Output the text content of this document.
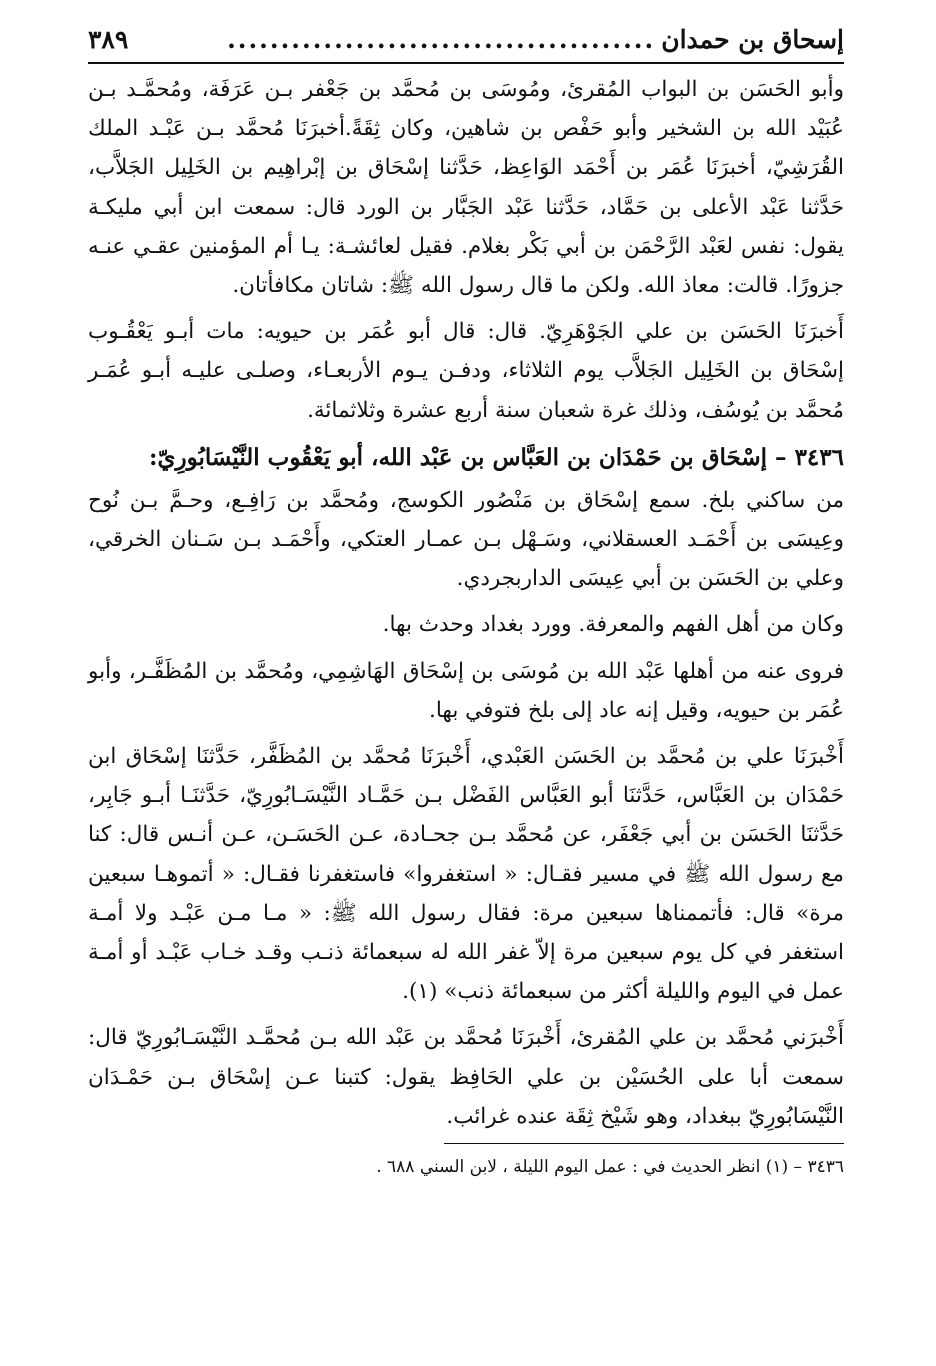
إسحاق بن حمدان
........................................
٣٨٩

وأبو الحَسَن بن البواب المُقرئ، ومُوسَى بن مُحمَّد بن جَعْفر بـن عَرَفَة، ومُحمَّـد بـن عُبَيْد الله بن الشخير وأبو حَفْص بن شاهين، وكان ثِقَةً.أخبرَنَا مُحمَّد بـن عَبْـد الملك القُرَشِيّ، أخبرَنَا عُمَر بن أَحْمَد الوَاعِظ، حَدَّثنا إسْحَاق بن إبْراهِيم بن الخَلِيل الجَلاَّب، حَدَّثنا عَبْد الأعلى بن حَمَّاد، حَدَّثنا عَبْد الجَبَّار بن الورد قال: سمعت ابن أبي مليكـة يقول: نفس لعَبْد الرَّحْمَن بن أبي بَكْر بغلام. فقيل لعائشـة: يـا أم المؤمنين عقـي عنـه جزورًا. قالت: معاذ الله. ولكن ما قال رسول الله ﷺ: شاتان مكافأتان.

أَخبرَنَا الحَسَن بن علي الجَوْهَرِيّ. قال: قال أبو عُمَر بن حيويه: مات أبـو يَعْقُـوب إسْحَاق بن الخَلِيل الجَلاَّب يوم الثلاثاء، ودفـن يـوم الأربعـاء، وصلـى عليـه أبـو عُمَـر مُحمَّد بن يُوسُف، وذلك غرة شعبان سنة أربع عشرة وثلاثمائة.

٣٤٣٦ – إسْحَاق بن حَمْدَان بن العَبَّاس بن عَبْد الله، أبو يَعْقُوب النَّيْسَابُورِيّ:

من ساكني بلخ. سمع إسْحَاق بن مَنْصُور الكوسج، ومُحمَّد بن رَافِـع، وحـمَّ بـن نُوح وعِيسَى بن أَحْمَـد العسقلاني، وسَـهْل بـن عمـار العتكي، وأَحْمَـد بـن سَـنان الخرقي، وعلي بن الحَسَن بن أبي عِيسَى الداربجردي.

وكان من أهل الفهم والمعرفة. وورد بغداد وحدث بها.

فروى عنه من أهلها عَبْد الله بن مُوسَى بن إسْحَاق الهَاشِمِي، ومُحمَّد بن المُظَفَّـر، وأبو عُمَر بن حيويه، وقيل إنه عاد إلى بلخ فتوفي بها.

أَخْبرَنَا علي بن مُحمَّد بن الحَسَن العَبْدي، أَخْبرَنَا مُحمَّد بن المُظَفَّر، حَدَّثنَا إسْحَاق ابن حَمْدَان بن العَبَّاس، حَدَّثنَا أبو العَبَّاس الفَضْل بـن حَمَّـاد النَّيْسَـابُورِيّ، حَدَّثنَـا أبـو جَابِر، حَدَّثنَا الحَسَن بن أبي جَعْفَر، عن مُحمَّد بـن جحـادة، عـن الحَسَـن، عـن أنـس قال: كنا مع رسول الله ﷺ في مسير فقـال: « استغفروا» فاستغفرنا فقـال: « أتموهـا سبعين مرة» قال: فأتممناها سبعين مرة: فقال رسول الله ﷺ: « مـا مـن عَبْـد ولا أمـة استغفر في كل يوم سبعين مرة إلاّ غفر الله له سبعمائة ذنـب وقـد خـاب عَبْـد أو أمـة عمل في اليوم والليلة أكثر من سبعمائة ذنب» (١).

أَخْبرَني مُحمَّد بن علي المُقرئ، أَخْبرَنَا مُحمَّد بن عَبْد الله بـن مُحمَّـد النَّيْسَـابُورِيّ قال: سمعت أبا على الحُسَيْن بن علي الحَافِظ يقول: كتبنا عـن إسْحَاق بـن حَمْـدَان النَّيْسَابُورِيّ ببغداد، وهو شَيْخ ثِقَة عنده غرائب.

٣٤٣٦ – (١) انظر الحديث في : عمل اليوم الليلة ، لابن السني ٦٨٨ .
